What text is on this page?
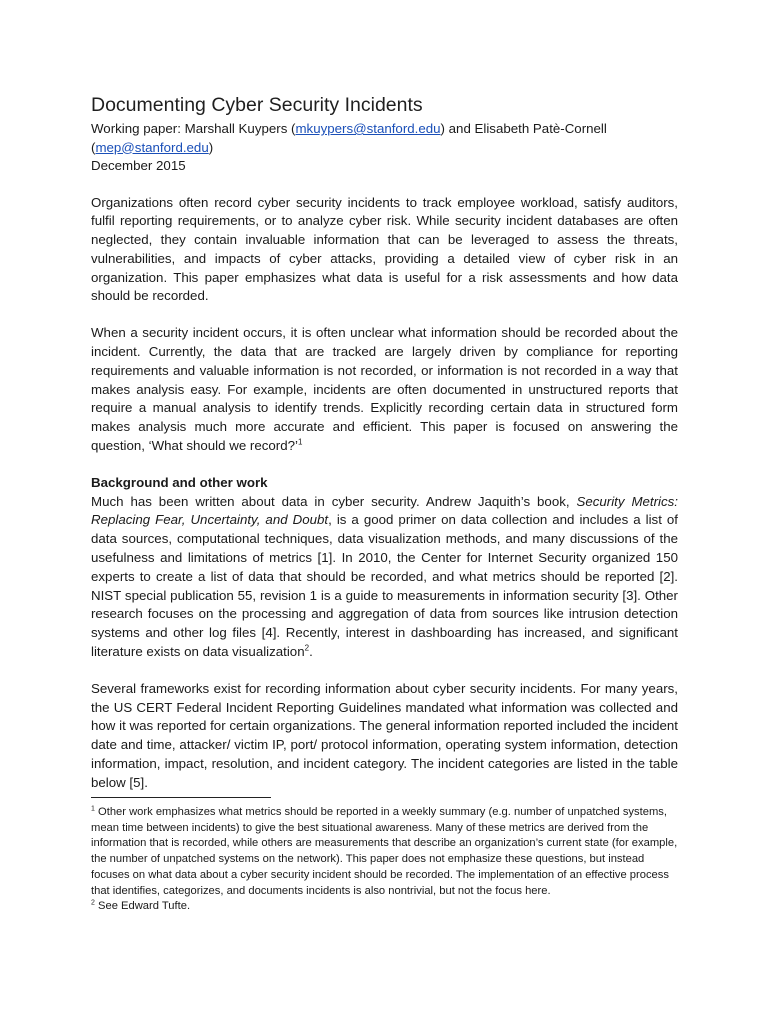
Documenting Cyber Security Incidents
Working paper: Marshall Kuypers (mkuypers@stanford.edu) and Elisabeth Patè-Cornell
(mep@stanford.edu)
December 2015

Organizations often record cyber security incidents to track employee workload, satisfy auditors, fulfil reporting requirements, or to analyze cyber risk. While security incident databases are often neglected, they contain invaluable information that can be leveraged to assess the threats, vulnerabilities, and impacts of cyber attacks, providing a detailed view of cyber risk in an organization. This paper emphasizes what data is useful for a risk assessments and how data should be recorded.

When a security incident occurs, it is often unclear what information should be recorded about the incident. Currently, the data that are tracked are largely driven by compliance for reporting requirements and valuable information is not recorded, or information is not recorded in a way that makes analysis easy. For example, incidents are often documented in unstructured reports that require a manual analysis to identify trends. Explicitly recording certain data in structured form makes analysis much more accurate and efficient. This paper is focused on answering the question, ‘What should we record?’$^1$

Background and other work

Much has been written about data in cyber security. Andrew Jaquith’s book, Security Metrics: Replacing Fear, Uncertainty, and Doubt, is a good primer on data collection and includes a list of data sources, computational techniques, data visualization methods, and many discussions of the usefulness and limitations of metrics [1]. In 2010, the Center for Internet Security organized 150 experts to create a list of data that should be recorded, and what metrics should be reported [2]. NIST special publication 55, revision 1 is a guide to measurements in information security [3]. Other research focuses on the processing and aggregation of data from sources like intrusion detection systems and other log files [4]. Recently, interest in dashboarding has increased, and significant literature exists on data visualization$^2$.

Several frameworks exist for recording information about cyber security incidents. For many years, the US CERT Federal Incident Reporting Guidelines mandated what information was collected and how it was reported for certain organizations. The general information reported included the incident date and time, attacker/ victim IP, port/ protocol information, operating system information, detection information, impact, resolution, and incident category. The incident categories are listed in the table below [5].

$^1$ Other work emphasizes what metrics should be reported in a weekly summary (e.g. number of unpatched systems, mean time between incidents) to give the best situational awareness. Many of these metrics are derived from the information that is recorded, while others are measurements that describe an organization’s current state (for example, the number of unpatched systems on the network). This paper does not emphasize these questions, but instead focuses on what data about a cyber security incident should be recorded. The implementation of an effective process that identifies, categorizes, and documents incidents is also nontrivial, but not the focus here.

$^2$ See Edward Tufte.
